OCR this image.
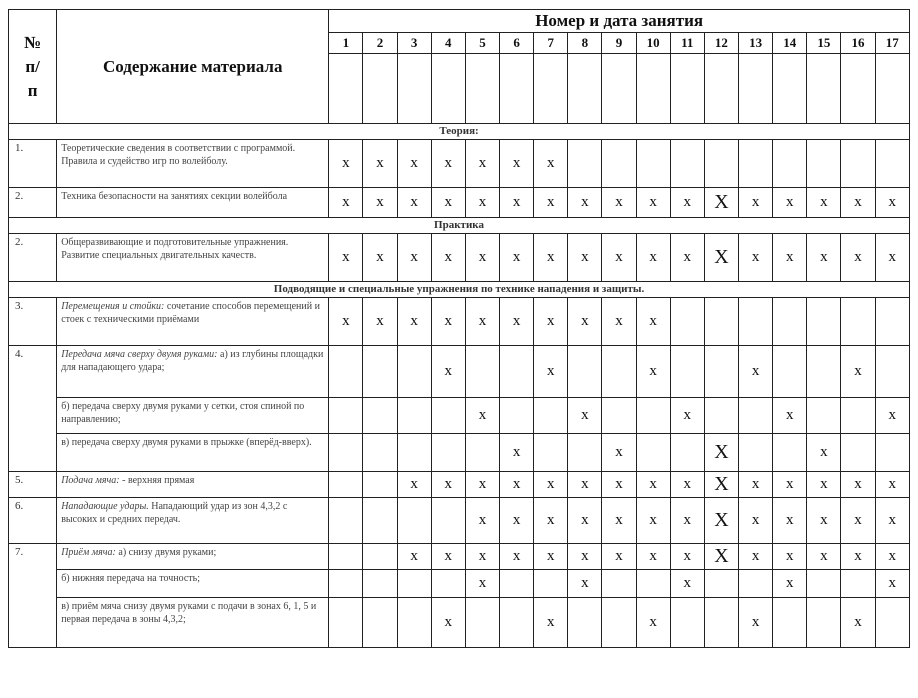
№ п/ п	Содержание материала	Номер и дата занятия																
		1	2	3	4	5	6	7	8	9	10	11	12	13	14	15	16	17

Теория:																		
1.	Теоретические сведения в соответствии с программой. Правила и судейство игр по волейболу.	x	x	x	x	x	x	x										
2.	Техника безопасности на занятиях секции волейбола	x	x	x	x	x	x	x	x	x	x	x	X	x	x	x	x	x
Практика																		
2.	Общеразвивающие и подготовительные упражнения. Развитие специальных двигательных качеств.	x	x	x	x	x	x	x	x	x	x	x	X	x	x	x	x	x
Подводящие и специальные упражнения по технике нападения и защиты.																		
3.	Перемещения и стойки: сочетание способов перемещений и стоек с техническими приёмами	x	x	x	x	x	x	x	x	x	x							
4.	Передача мяча сверху двумя руками: а) из глубины площадки для нападающего удара;				x			x			x			x			x	
	б) передача сверху двумя руками у сетки, стоя спиной по направлению;					x			x			x			x			x
	в) передача сверху двумя руками в прыжке (вперёд-вверх).						x			x			X			x		
5.	Подача мяча: - верхняя прямая			x	x	x	x	x	x	x	x	x	X	x	x	x	x	x
6.	Нападающие удары. Нападающий удар из зон 4,3,2 с высоких и средних передач.					x	x	x	x	x	x	x	X	x	x	x	x	x
7.	Приём мяча: а) снизу двумя руками;			x	x	x	x	x	x	x	x	x	X	x	x	x	x	x
	б) нижняя передача на точность;					x			x			x			x			x
	в) приём мяча снизу двумя руками с подачи в зонах 6, 1, 5 и первая передача в зоны 4,3,2;				x			x			x			x			x	
